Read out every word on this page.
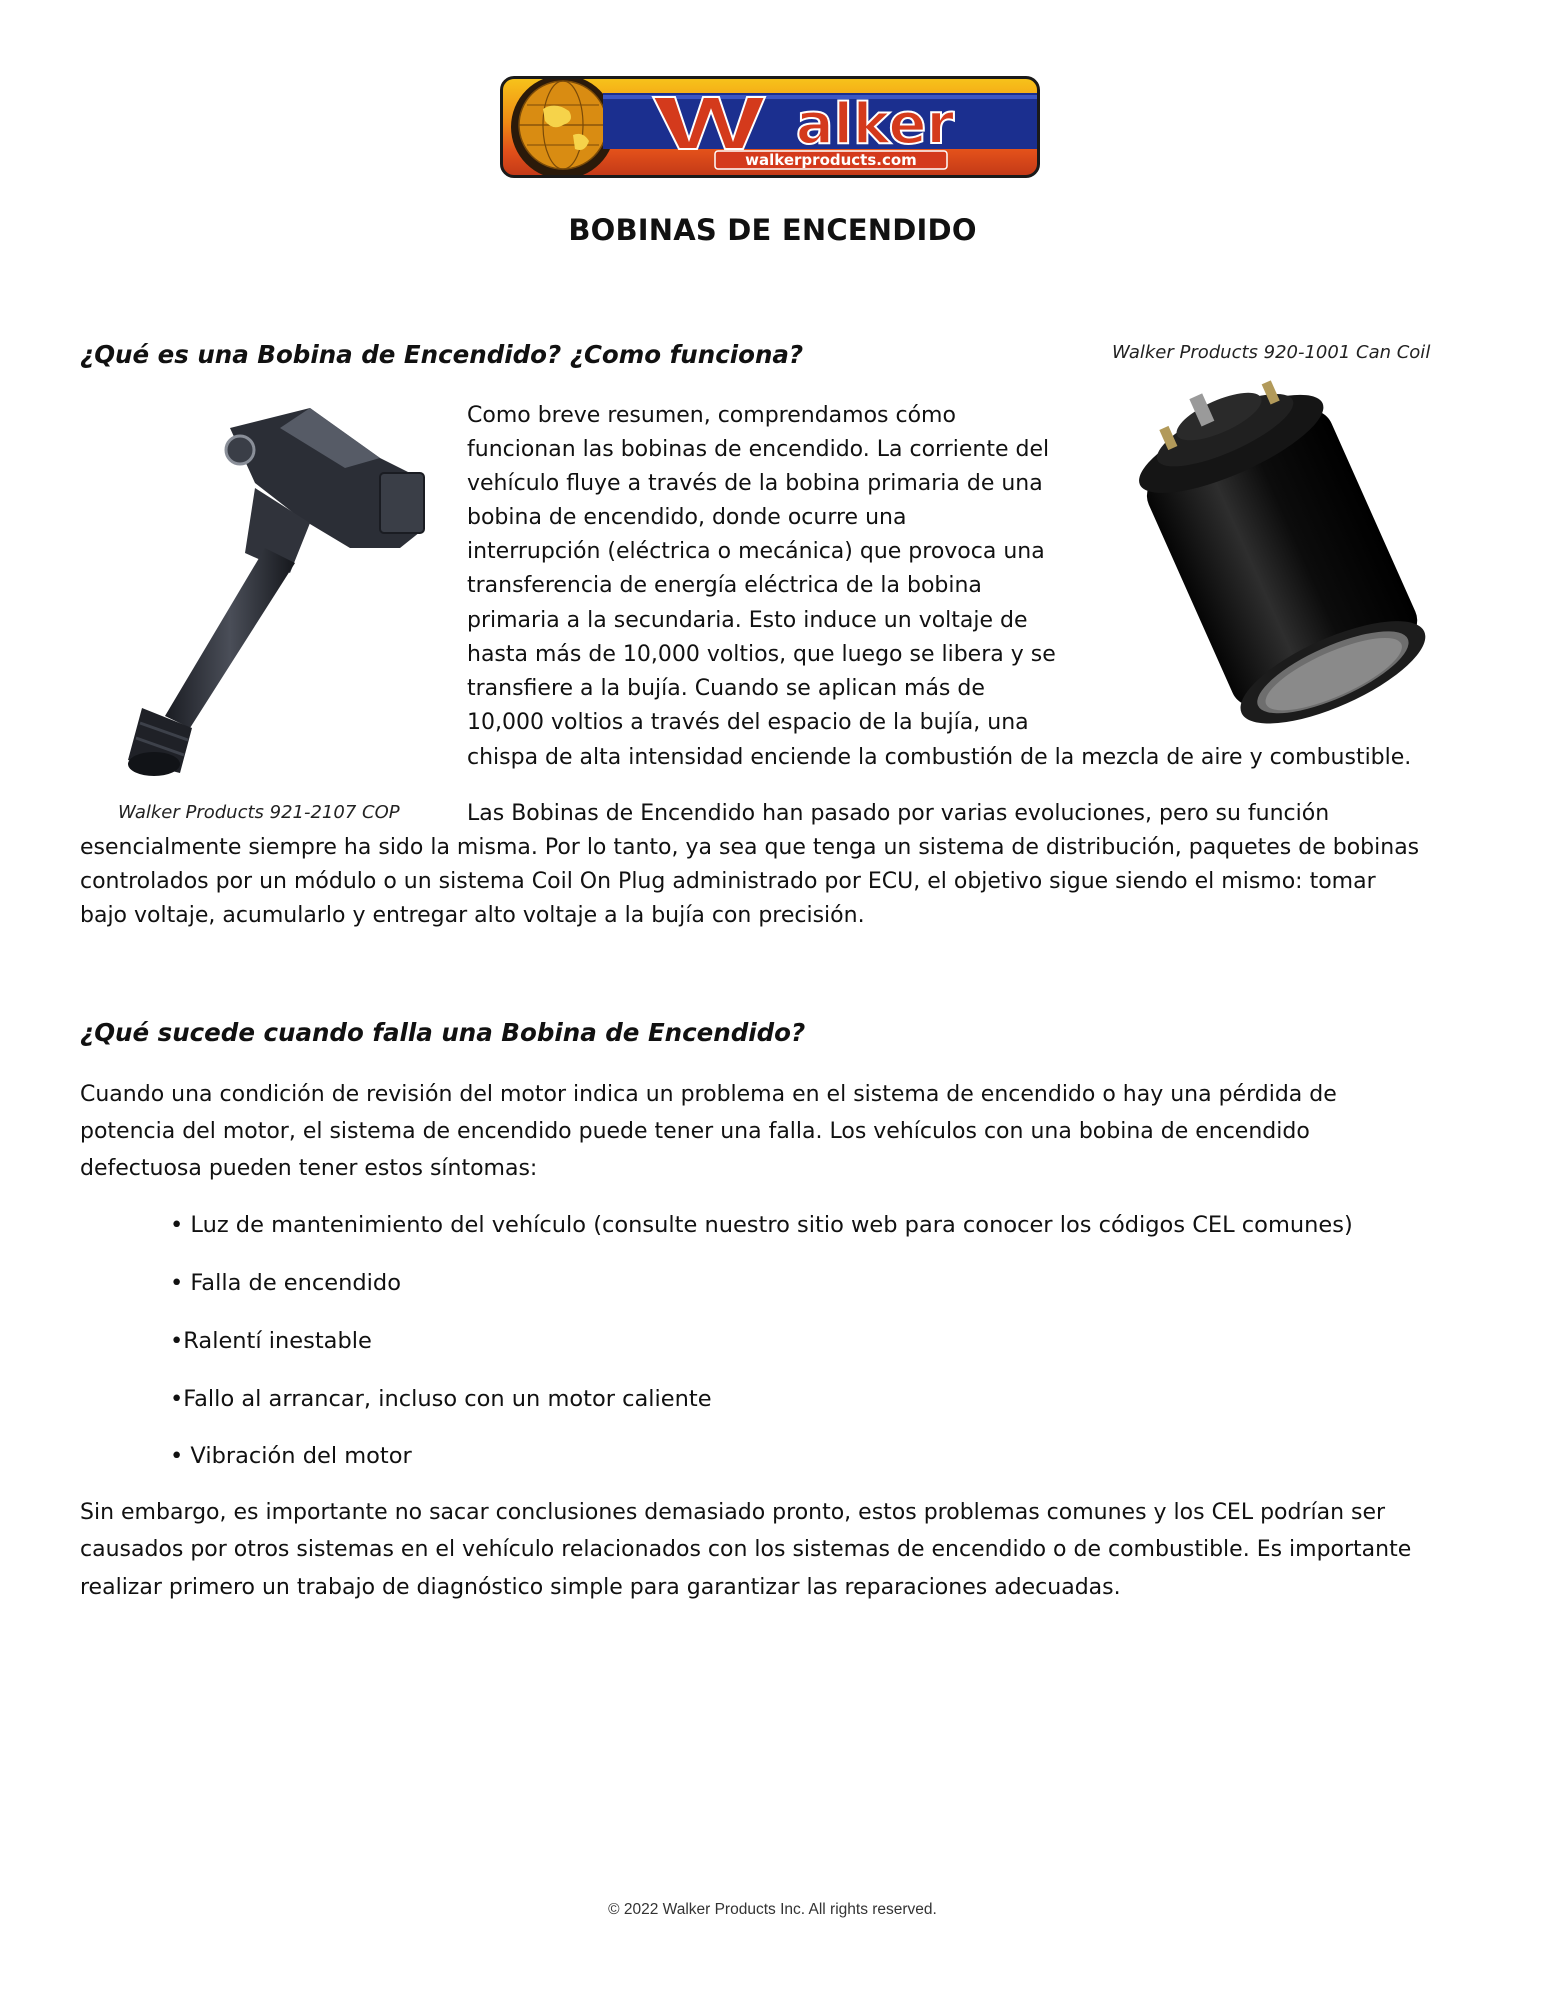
walkerproducts.com
alker
BOBINAS DE ENCENDIDO
¿Qué es una Bobina de Encendido? ¿Como funciona?	Walker Products 920-1001 Can Coil
Como breve resumen, comprendamos cómo
funcionan las bobinas de encendido. La corriente del
vehículo fluye a través de la bobina primaria de una
bobina de encendido, donde ocurre una
interrupción (eléctrica o mecánica) que provoca una
transferencia de energía eléctrica de la bobina
primaria a la secundaria. Esto induce un voltaje de
hasta más de 10,000 voltios, que luego se libera y se
transfiere a la bujía. Cuando se aplican más de
10,000 voltios a través del espacio de la bujía, una
chispa de alta intensidad enciende la combustión de la mezcla de aire y combustible.
Walker Products 921-2107 COP	Las Bobinas de Encendido han pasado por varias evoluciones, pero su función
esencialmente siempre ha sido la misma. Por lo tanto, ya sea que tenga un sistema de distribución, paquetes de bobinas
controlados por un módulo o un sistema Coil On Plug administrado por ECU, el objetivo sigue siendo el mismo: tomar
bajo voltaje, acumularlo y entregar alto voltaje a la bujía con precisión.
¿Qué sucede cuando falla una Bobina de Encendido?
Cuando una condición de revisión del motor indica un problema en el sistema de encendido o hay una pérdida de
potencia del motor, el sistema de encendido puede tener una falla. Los vehículos con una bobina de encendido
defectuosa pueden tener estos síntomas:
• Luz de mantenimiento del vehículo (consulte nuestro sitio web para conocer los códigos CEL comunes)
• Falla de encendido
•Ralentí inestable
•Fallo al arrancar, incluso con un motor caliente
• Vibración del motor
Sin embargo, es importante no sacar conclusiones demasiado pronto, estos problemas comunes y los CEL podrían ser
causados por otros sistemas en el vehículo relacionados con los sistemas de encendido o de combustible. Es importante
realizar primero un trabajo de diagnóstico simple para garantizar las reparaciones adecuadas.
© 2022 Walker Products Inc. All rights reserved.
